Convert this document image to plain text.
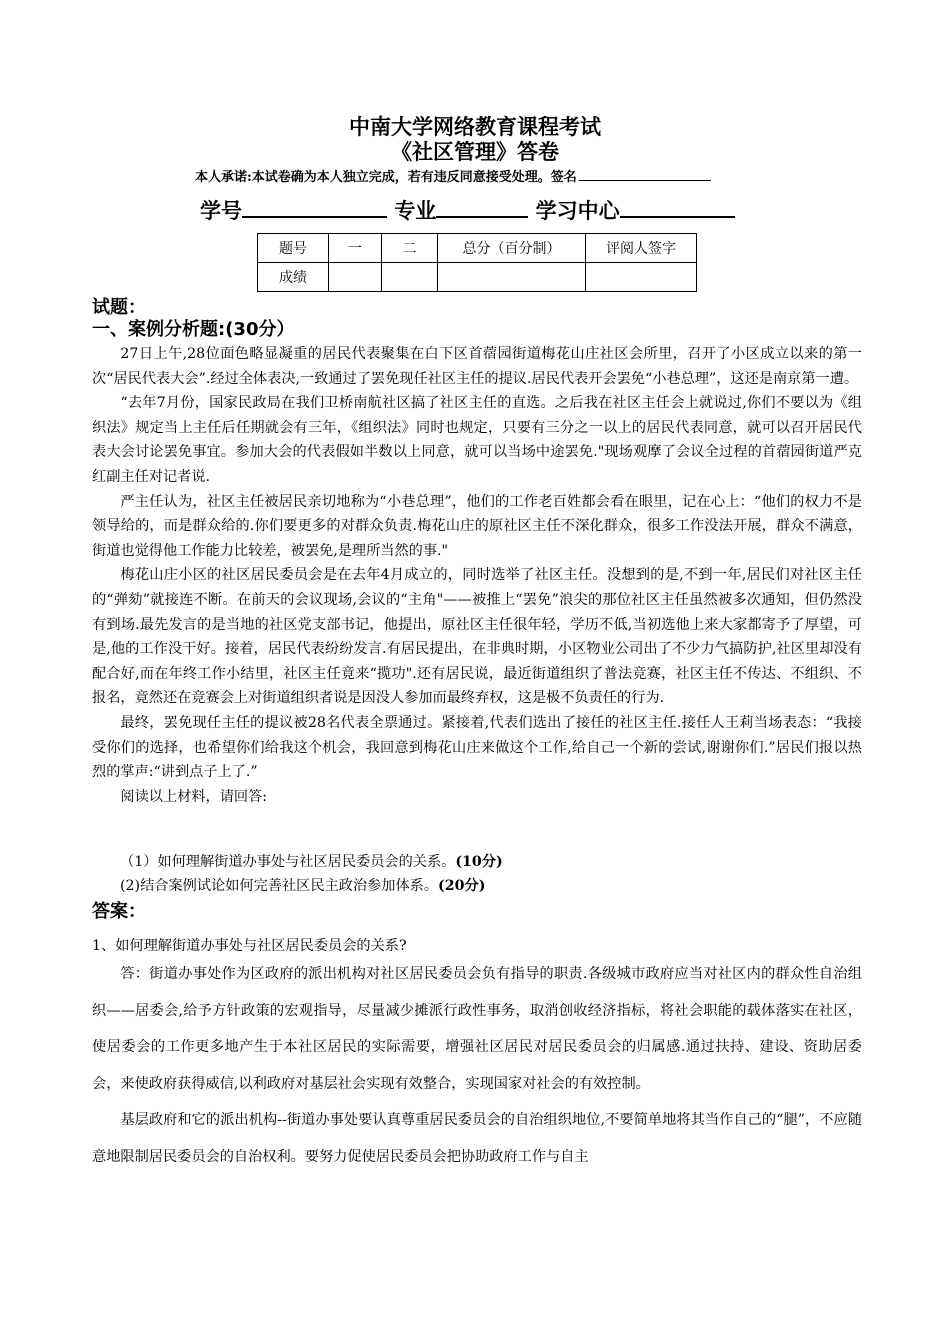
中南大学网络教育课程考试
《社区管理》答卷
本人承诺:本试卷确为本人独立完成，若有违反同意接受处理。签名
学号	专业	学习中心
题号	一	二	总分（百分制）	评阅人签字
成绩				
试题：
一、案例分析题:(30分）

27日上午,28位面色略显凝重的居民代表聚集在白下区首蓿园街道梅花山庄社区会所里，召开了小区成立以来的第一次“居民代表大会”.经过全体表决,一致通过了罢免现任社区主任的提议.居民代表开会罢免“小巷总理”，这还是南京第一遭。

“去年7月份，国家民政局在我们卫桥南航社区搞了社区主任的直选。之后我在社区主任会上就说过,你们不要以为《组织法》规定当上主任后任期就会有三年，《组织法》同时也规定，只要有三分之一以上的居民代表同意，就可以召开居民代表大会讨论罢免事宜。参加大会的代表假如半数以上同意，就可以当场中途罢免."现场观摩了会议全过程的首蓿园街道严克红副主任对记者说.

严主任认为，社区主任被居民亲切地称为“小巷总理”，他们的工作老百姓都会看在眼里，记在心上：“他们的权力不是领导给的，而是群众给的.你们要更多的对群众负责.梅花山庄的原社区主任不深化群众，很多工作没法开展，群众不满意，街道也觉得他工作能力比较差，被罢免,是理所当然的事."

梅花山庄小区的社区居民委员会是在去年4月成立的，同时选举了社区主任。没想到的是,不到一年,居民们对社区主任的“弹劾”就接连不断。在前天的会议现场,会议的“主角"——被推上“罢免”浪尖的那位社区主任虽然被多次通知，但仍然没有到场.最先发言的是当地的社区党支部书记，他提出，原社区主任很年轻，学历不低,当初选他上来大家都寄予了厚望，可是,他的工作没干好。接着，居民代表纷纷发言.有居民提出，在非典时期，小区物业公司出了不少力气搞防护,社区里却没有配合好,而在年终工作小结里，社区主任竟来“揽功".还有居民说，最近街道组织了普法竞赛，社区主任不传达、不组织、不报名，竟然还在竞赛会上对街道组织者说是因没人参加而最终弃权，这是极不负责任的行为.

最终，罢免现任主任的提议被28名代表全票通过。紧接着,代表们选出了接任的社区主任.接任人王莉当场表态：“我接受你们的选择，也希望你们给我这个机会，我回意到梅花山庄来做这个工作,给自己一个新的尝试,谢谢你们.”居民们报以热烈的掌声:“讲到点子上了.”

阅读以上材料，请回答:

（1）如何理解街道办事处与社区居民委员会的关系。(10分)
(2)结合案例试论如何完善社区民主政治参加体系。(20分)
答案：
1、如何理解街道办事处与社区居民委员会的关系?

答：街道办事处作为区政府的派出机构对社区居民委员会负有指导的职责.各级城市政府应当对社区内的群众性自治组织——居委会,给予方针政策的宏观指导，尽量减少摊派行政性事务，取消创收经济指标，将社会职能的载体落实在社区，使居委会的工作更多地产生于本社区居民的实际需要，增强社区居民对居民委员会的归属感.通过扶持、建设、资助居委会，来使政府获得威信,以利政府对基层社会实现有效整合，实现国家对社会的有效控制。

基层政府和它的派出机构--街道办事处要认真尊重居民委员会的自治组织地位,不要简单地将其当作自己的“腿”，不应随意地限制居民委员会的自治权利。要努力促使居民委员会把协助政府工作与自主
